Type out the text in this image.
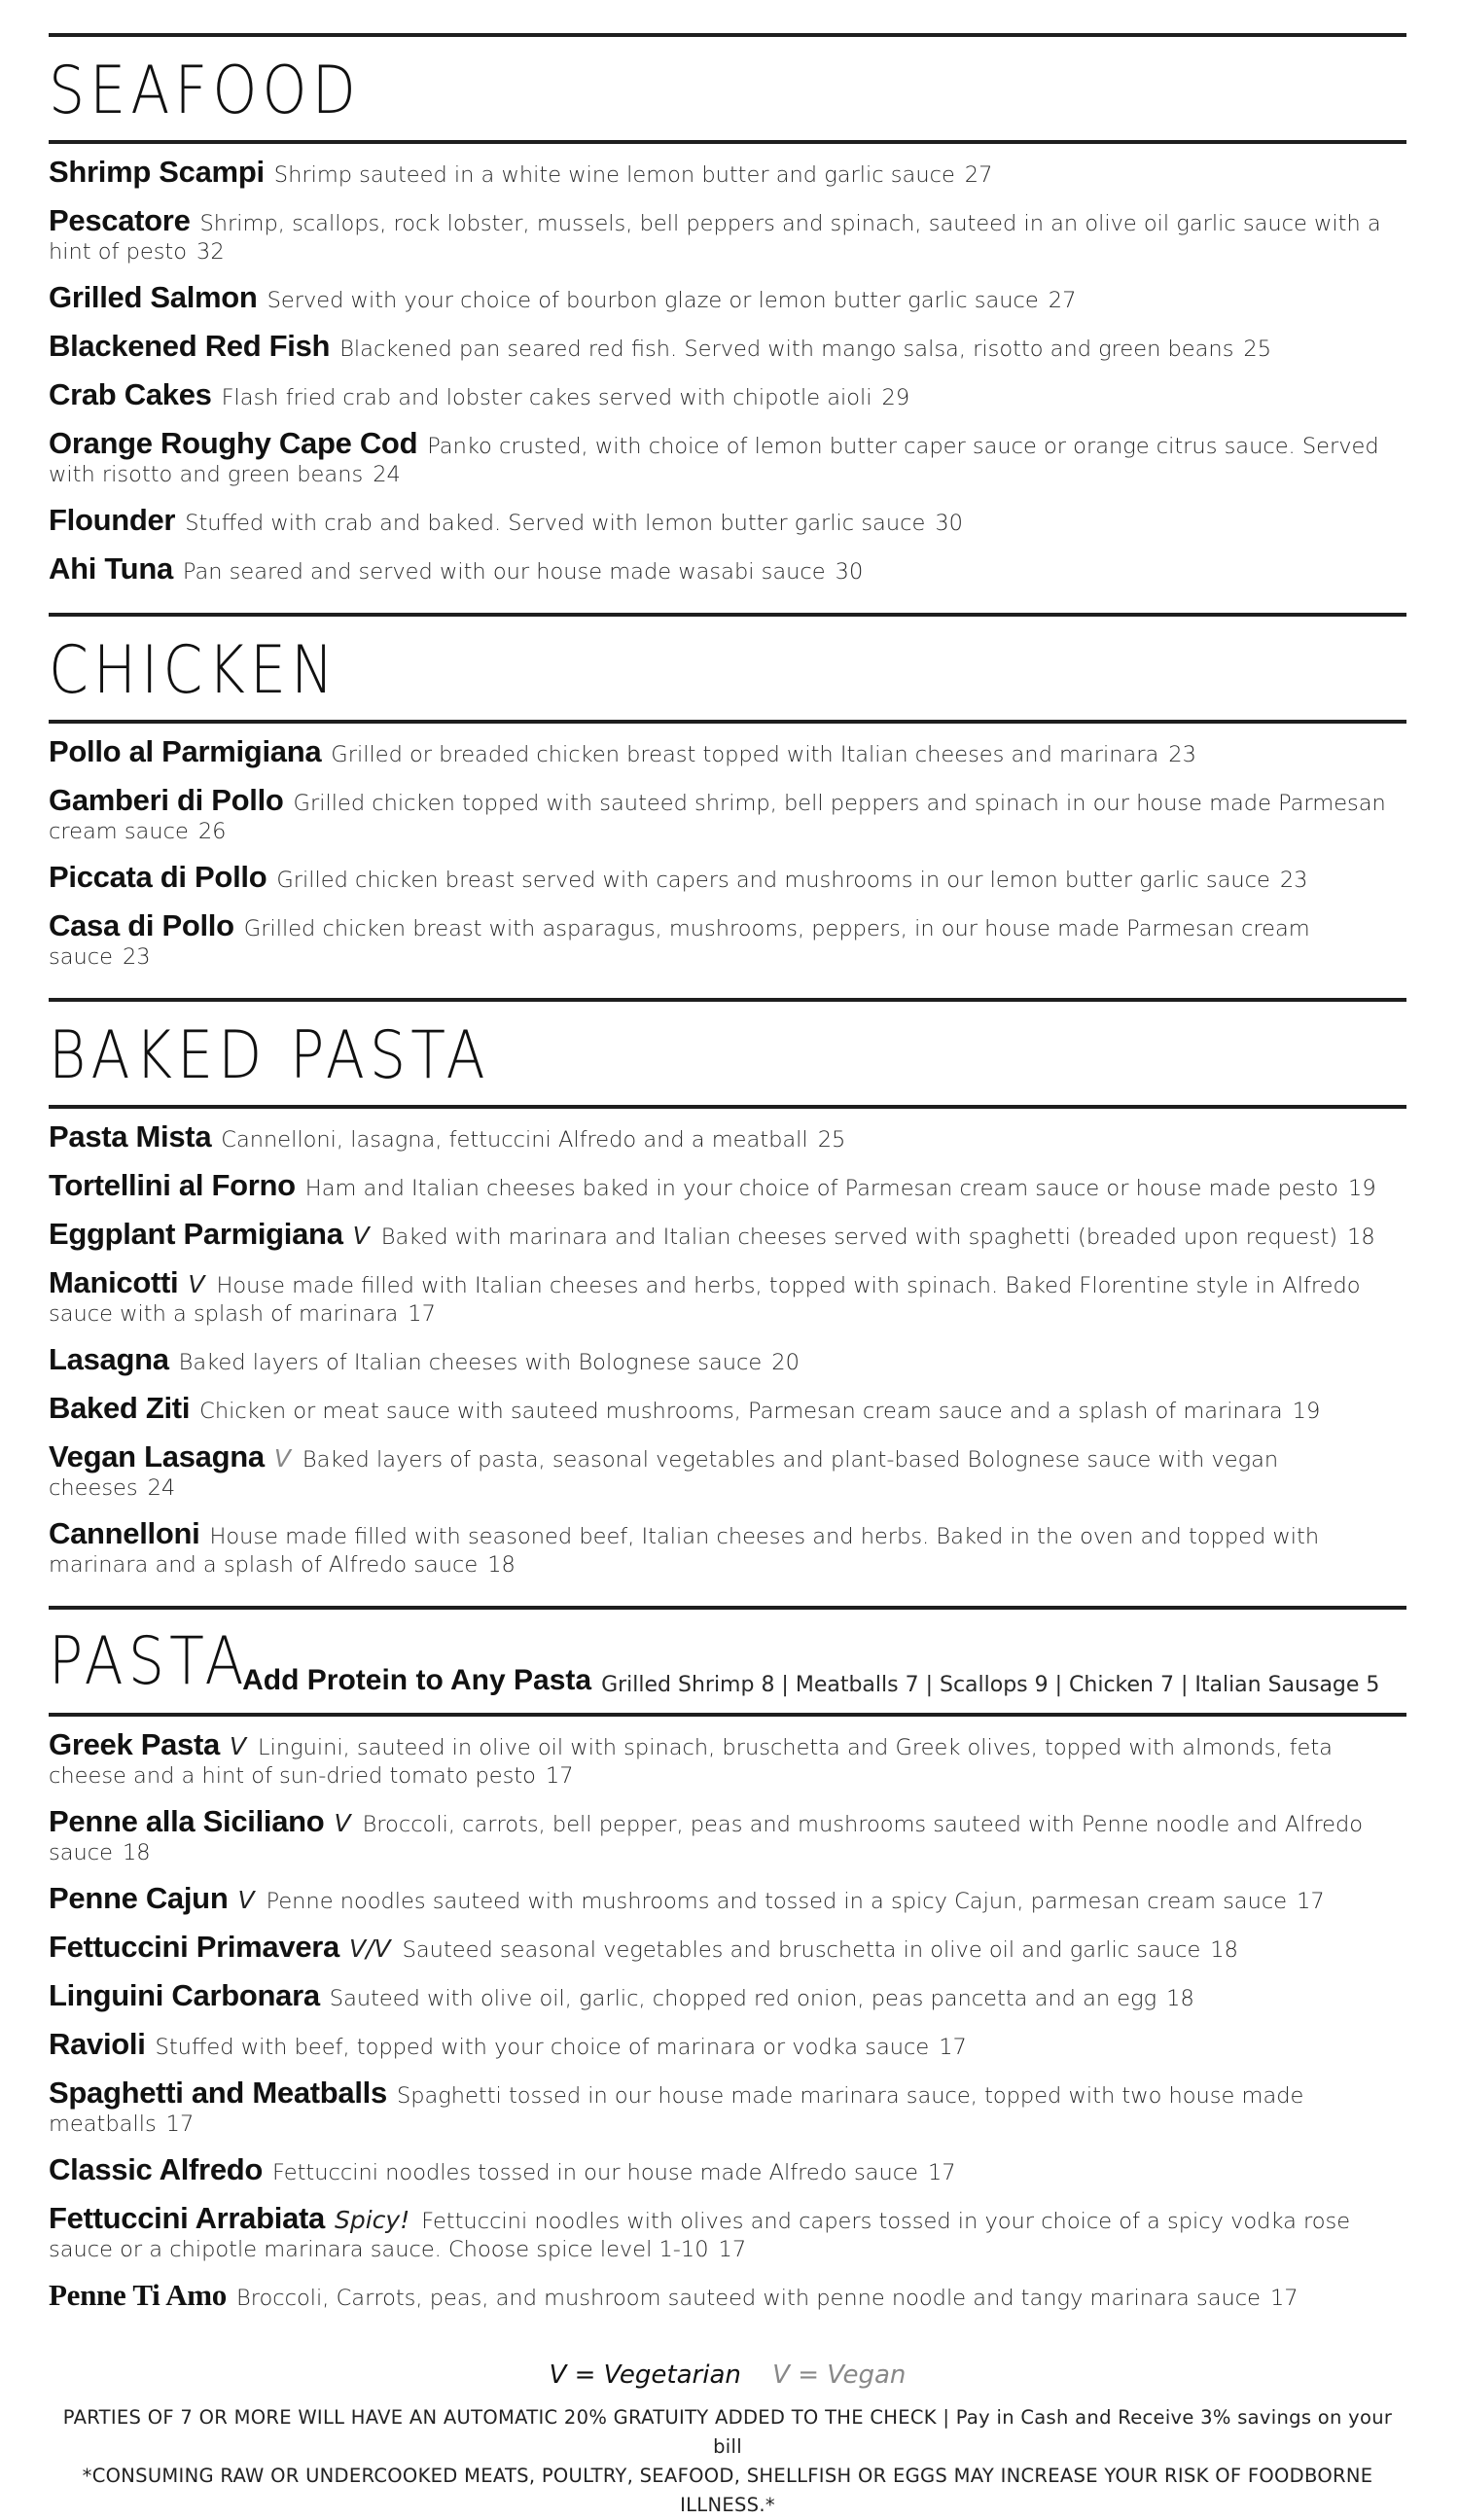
SEAFOOD
Shrimp Scampi Shrimp sauteed in a white wine lemon butter and garlic sauce 27
Pescatore Shrimp, scallops, rock lobster, mussels, bell peppers and spinach, sauteed in an olive oil garlic sauce with a hint of pesto 32
Grilled Salmon Served with your choice of bourbon glaze or lemon butter garlic sauce 27
Blackened Red Fish Blackened pan seared red fish. Served with mango salsa, risotto and green beans 25
Crab Cakes Flash fried crab and lobster cakes served with chipotle aioli 29
Orange Roughy Cape Cod Panko crusted, with choice of lemon butter caper sauce or orange citrus sauce. Served with risotto and green beans 24
Flounder Stuffed with crab and baked. Served with lemon butter garlic sauce 30
Ahi Tuna Pan seared and served with our house made wasabi sauce 30
CHICKEN
Pollo al Parmigiana Grilled or breaded chicken breast topped with Italian cheeses and marinara 23
Gamberi di Pollo Grilled chicken topped with sauteed shrimp, bell peppers and spinach in our house made Parmesan cream sauce 26
Piccata di Pollo Grilled chicken breast served with capers and mushrooms in our lemon butter garlic sauce 23
Casa di Pollo Grilled chicken breast with asparagus, mushrooms, peppers, in our house made Parmesan cream sauce 23
BAKED PASTA
Pasta Mista Cannelloni, lasagna, fettuccini Alfredo and a meatball 25
Tortellini al Forno Ham and Italian cheeses baked in your choice of Parmesan cream sauce or house made pesto 19
Eggplant Parmigiana V Baked with marinara and Italian cheeses served with spaghetti (breaded upon request) 18
Manicotti V House made filled with Italian cheeses and herbs, topped with spinach. Baked Florentine style in Alfredo sauce with a splash of marinara 17
Lasagna Baked layers of Italian cheeses with Bolognese sauce 20
Baked Ziti Chicken or meat sauce with sauteed mushrooms, Parmesan cream sauce and a splash of marinara 19
Vegan Lasagna V Baked layers of pasta, seasonal vegetables and plant-based Bolognese sauce with vegan cheeses 24
Cannelloni House made filled with seasoned beef, Italian cheeses and herbs. Baked in the oven and topped with marinara and a splash of Alfredo sauce 18
PASTA
Add Protein to Any Pasta Grilled Shrimp 8 | Meatballs 7 | Scallops 9 | Chicken 7 | Italian Sausage 5
Greek Pasta V Linguini, sauteed in olive oil with spinach, bruschetta and Greek olives, topped with almonds, feta cheese and a hint of sun-dried tomato pesto 17
Penne alla Siciliano V Broccoli, carrots, bell pepper, peas and mushrooms sauteed with Penne noodle and Alfredo sauce 18
Penne Cajun V Penne noodles sauteed with mushrooms and tossed in a spicy Cajun, parmesan cream sauce 17
Fettuccini Primavera V/V Sauteed seasonal vegetables and bruschetta in olive oil and garlic sauce 18
Linguini Carbonara Sauteed with olive oil, garlic, chopped red onion, peas pancetta and an egg 18
Ravioli Stuffed with beef, topped with your choice of marinara or vodka sauce 17
Spaghetti and Meatballs Spaghetti tossed in our house made marinara sauce, topped with two house made meatballs 17
Classic Alfredo Fettuccini noodles tossed in our house made Alfredo sauce 17
Fettuccini Arrabiata Spicy! Fettuccini noodles with olives and capers tossed in your choice of a spicy vodka rose sauce or a chipotle marinara sauce. Choose spice level 1-10 17
Penne Ti Amo Broccoli, Carrots, peas, and mushroom sauteed with penne noodle and tangy marinara sauce 17
V = Vegetarian V = Vegan
PARTIES OF 7 OR MORE WILL HAVE AN AUTOMATIC 20% GRATUITY ADDED TO THE CHECK | Pay in Cash and Receive 3% savings on your bill
*CONSUMING RAW OR UNDERCOOKED MEATS, POULTRY, SEAFOOD, SHELLFISH OR EGGS MAY INCREASE YOUR RISK OF FOODBORNE ILLNESS.*
